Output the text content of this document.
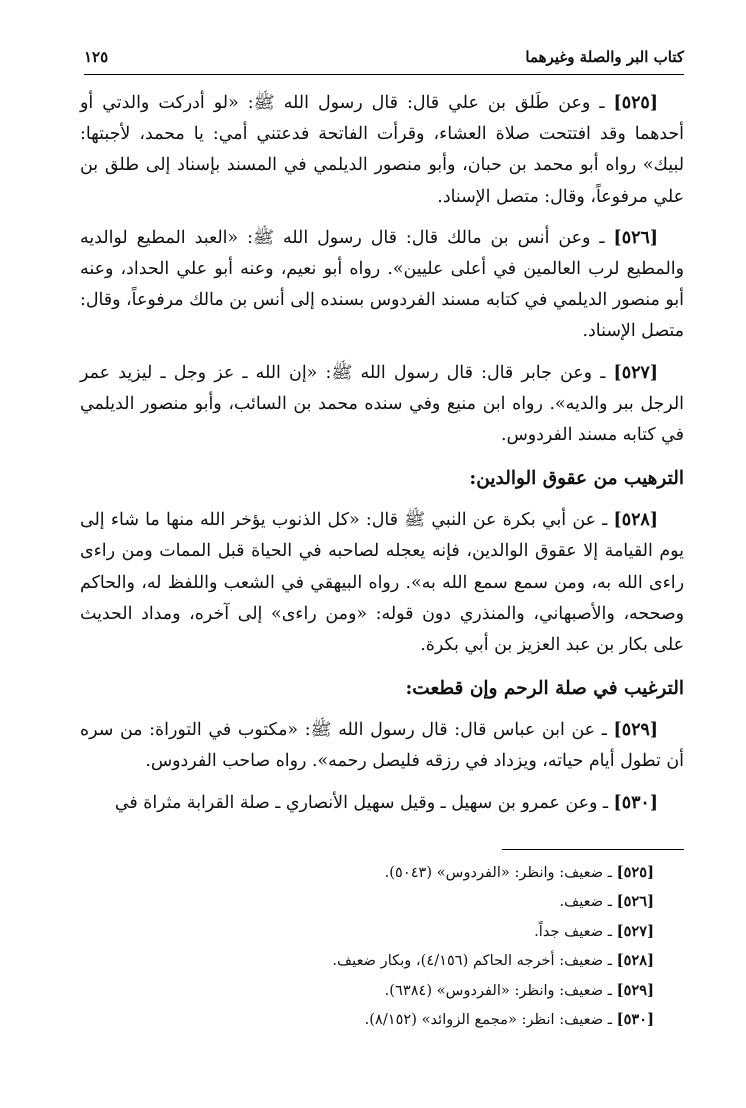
كتاب البر والصلة وغيرهما
١٢٥

[٥٢٥] ـ وعن طَلق بن علي قال: قال رسول الله ﷺ: «لو أدركت والدتي أو أحدهما وقد افتتحت صلاة العشاء، وقرأت الفاتحة فدعتني أمي: يا محمد، لأجبتها: لبيك» رواه أبو محمد بن حبان، وأبو منصور الديلمي في المسند بإسناد إلى طلق بن علي مرفوعاً، وقال: متصل الإسناد.

[٥٢٦] ـ وعن أنس بن مالك قال: قال رسول الله ﷺ: «العبد المطيع لوالديه والمطيع لرب العالمين في أعلى عليين». رواه أبو نعيم، وعنه أبو علي الحداد، وعنه أبو منصور الديلمي في كتابه مسند الفردوس بسنده إلى أنس بن مالك مرفوعاً، وقال: متصل الإسناد.

[٥٢٧] ـ وعن جابر قال: قال رسول الله ﷺ: «إن الله ـ عز وجل ـ ليزيد عمر الرجل ببر والديه». رواه ابن منيع وفي سنده محمد بن السائب، وأبو منصور الديلمي في كتابه مسند الفردوس.

الترهيب من عقوق الوالدين:

[٥٢٨] ـ عن أبي بكرة عن النبي ﷺ قال: «كل الذنوب يؤخر الله منها ما شاء إلى يوم القيامة إلا عقوق الوالدين، فإنه يعجله لصاحبه في الحياة قبل الممات ومن راءى راءى الله به، ومن سمع سمع الله به». رواه البيهقي في الشعب واللفظ له، والحاكم وصححه، والأصبهاني، والمنذري دون قوله: «ومن راءى» إلى آخره، ومداد الحديث على بكار بن عبد العزيز بن أبي بكرة.

الترغيب في صلة الرحم وإن قطعت:

[٥٢٩] ـ عن ابن عباس قال: قال رسول الله ﷺ: «مكتوب في التوراة: من سره أن تطول أيام حياته، ويزداد في رزقه فليصل رحمه». رواه صاحب الفردوس.

[٥٣٠] ـ وعن عمرو بن سهيل ـ وقيل سهيل الأنصاري ـ صلة القرابة مثراة في

[٥٢٥] ـ ضعيف: وانظر: «الفردوس» (٥٠٤٣).

[٥٢٦] ـ ضعيف.

[٥٢٧] ـ ضعيف جداً.

[٥٢٨] ـ ضعيف: أخرجه الحاكم (٤/١٥٦)، وبكار ضعيف.

[٥٢٩] ـ ضعيف: وانظر: «الفردوس» (٦٣٨٤).

[٥٣٠] ـ ضعيف: انظر: «مجمع الزوائد» (٨/١٥٢).
